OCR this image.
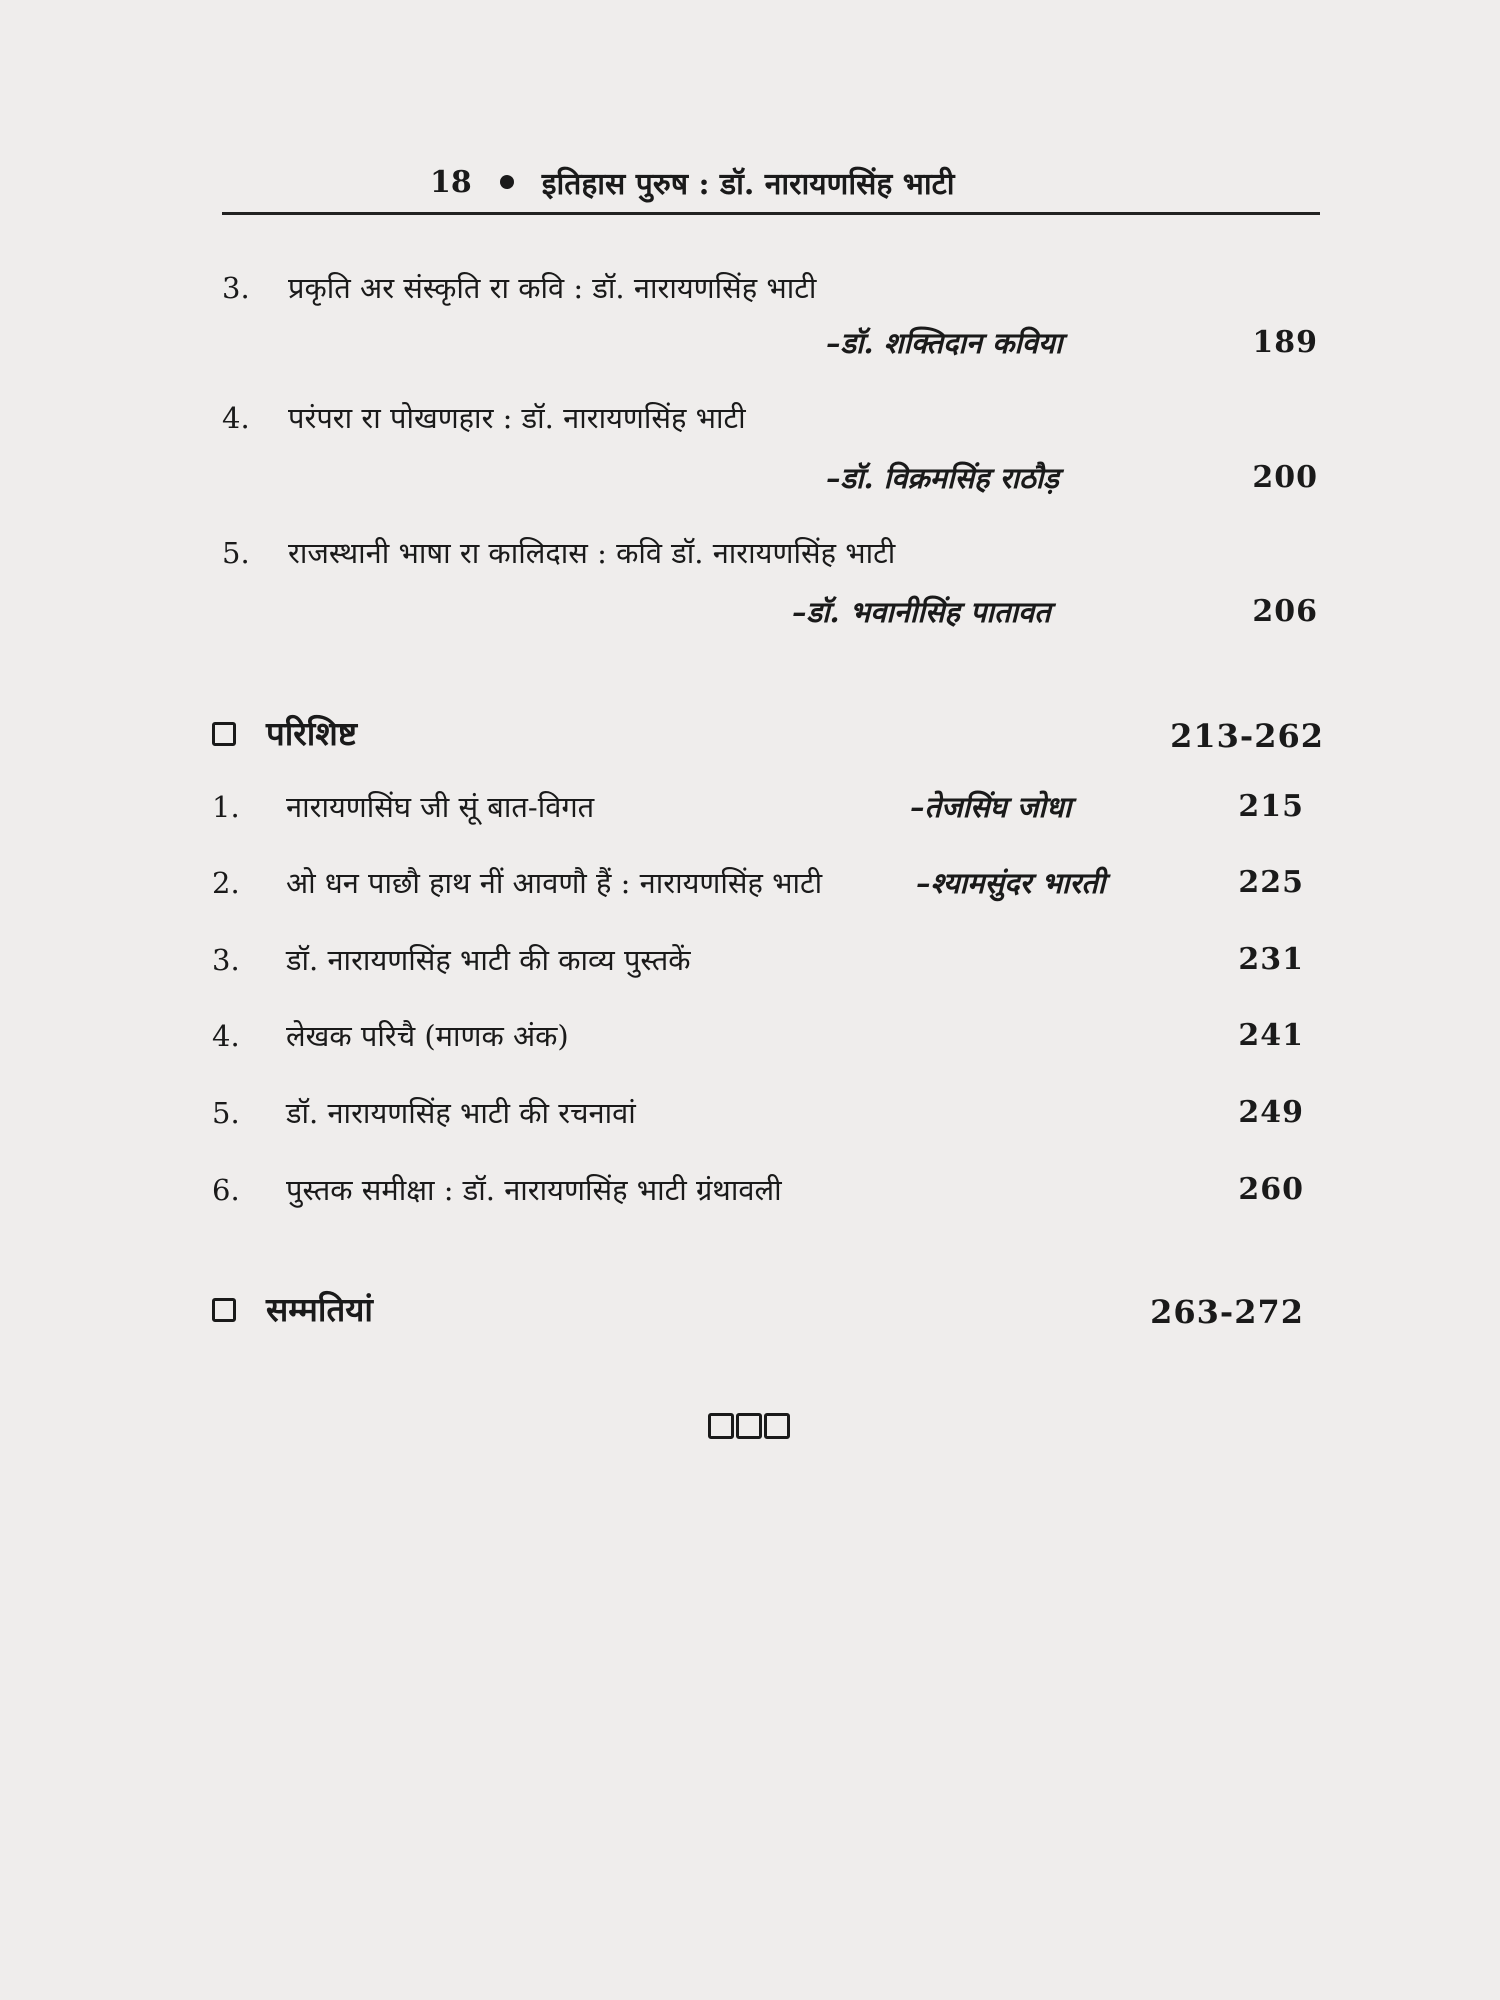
18 इतिहास पुरुष : डॉ. नारायणसिंह भाटी
3. प्रकृति अर संस्कृति रा कवि : डॉ. नारायणसिंह भाटी
–डॉ. शक्तिदान कविया	189
4. परंपरा रा पोखणहार : डॉ. नारायणसिंह भाटी
–डॉ. विक्रमसिंह राठौड़	200
5. राजस्थानी भाषा रा कालिदास : कवि डॉ. नारायणसिंह भाटी
–डॉ. भवानीसिंह पातावत	206
परिशिष्ट	213-262
1. नारायणसिंघ जी सूं बात-विगत	–तेजसिंघ जोधा	215
2. ओ धन पाछौ हाथ नीं आवणौ हैं : नारायणसिंह भाटी	–श्यामसुंदर भारती	225
3. डॉ. नारायणसिंह भाटी की काव्य पुस्तकें	231
4. लेखक परिचै (माणक अंक)	241
5. डॉ. नारायणसिंह भाटी की रचनावां	249
6. पुस्तक समीक्षा : डॉ. नारायणसिंह भाटी ग्रंथावली	260
सम्मतियां	263-272
